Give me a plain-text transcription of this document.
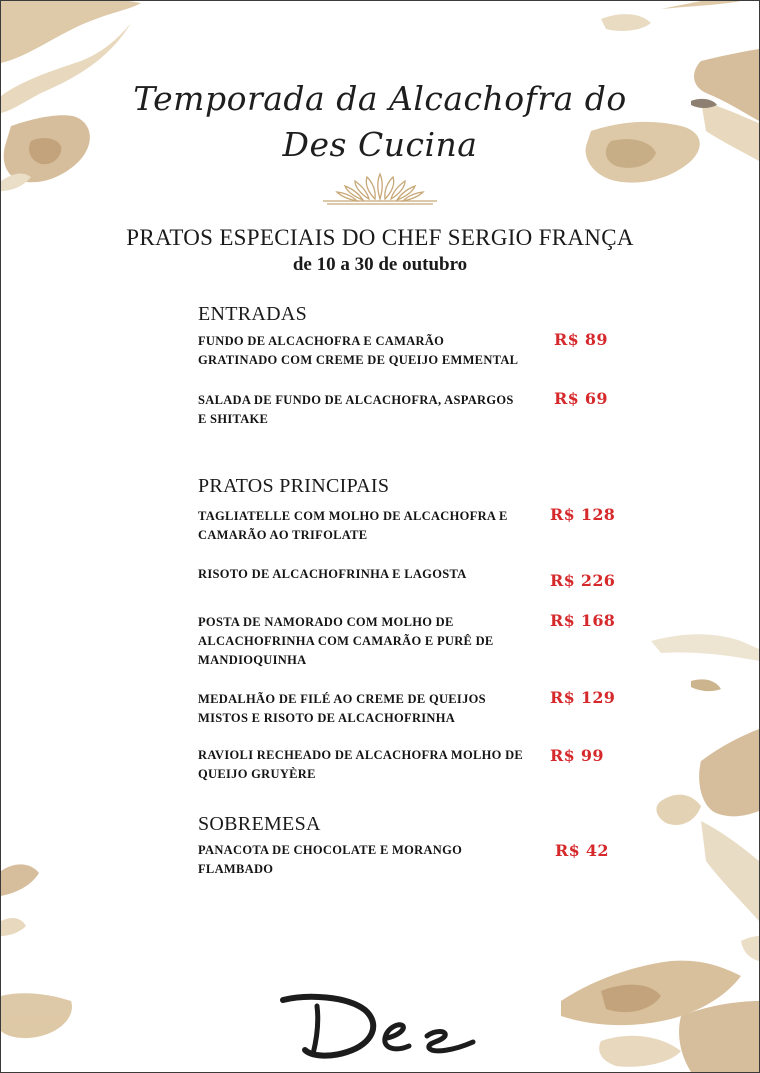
Temporada da Alcachofra do
Des Cucina
PRATOS ESPECIAIS DO CHEF SERGIO FRANÇA
de 10 a 30 de outubro
ENTRADAS
FUNDO DE ALCACHOFRA E CAMARÃO
GRATINADO COM CREME DE QUEIJO EMMENTAL
R$ 89
SALADA DE FUNDO DE ALCACHOFRA, ASPARGOS
E SHITAKE
R$ 69
PRATOS PRINCIPAIS
TAGLIATELLE COM MOLHO DE ALCACHOFRA E
CAMARÃO AO TRIFOLATE
R$ 128
RISOTO DE ALCACHOFRINHA E LAGOSTA	R$ 226
POSTA DE NAMORADO COM MOLHO DE
ALCACHOFRINHA COM CAMARÃO E PURÊ DE
MANDIOQUINHA
R$ 168
MEDALHÃO DE FILÉ AO CREME DE QUEIJOS
MISTOS E RISOTO DE ALCACHOFRINHA
R$ 129
RAVIOLI RECHEADO DE ALCACHOFRA MOLHO DE
QUEIJO GRUYÈRE
R$ 99
SOBREMESA
PANACOTA DE CHOCOLATE E MORANGO
FLAMBADO
R$ 42
